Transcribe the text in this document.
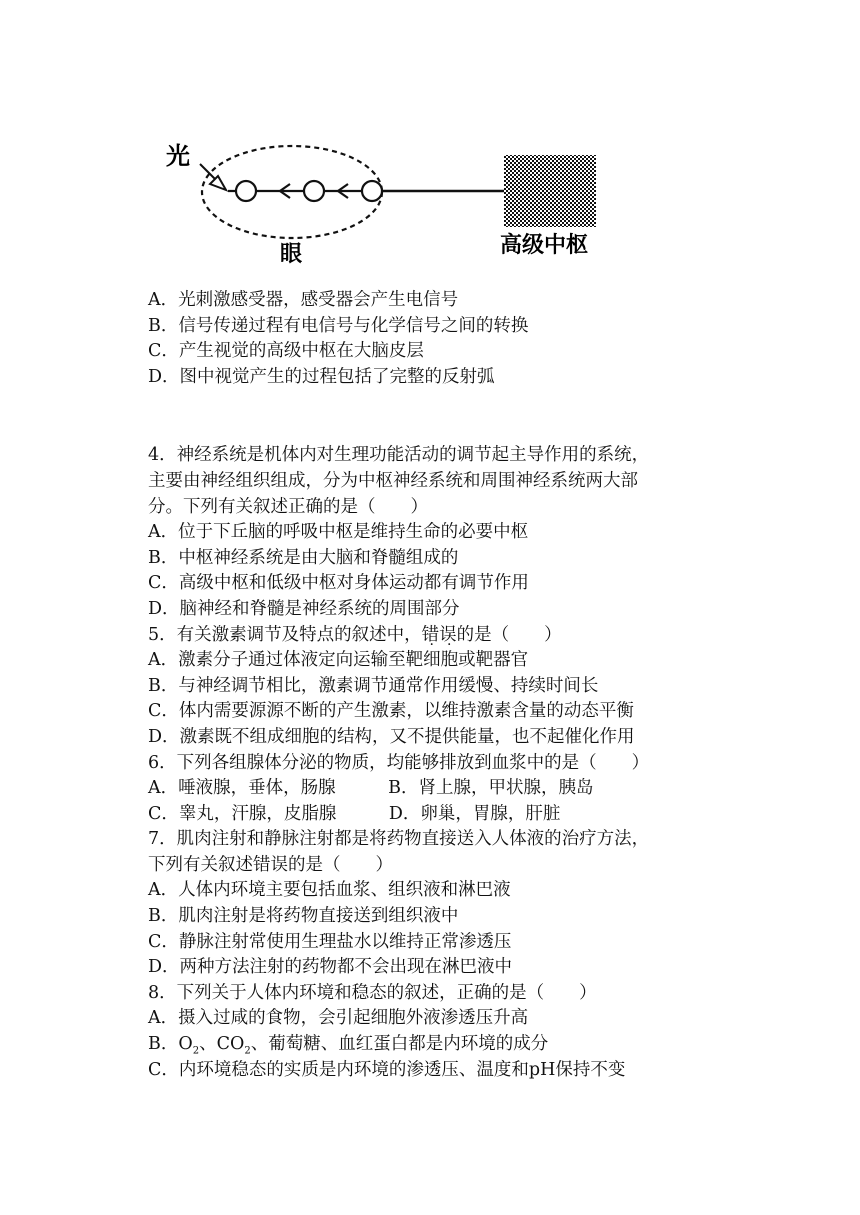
光
眼	高级中枢
A．光刺激感受器，感受器会产生电信号
B．信号传递过程有电信号与化学信号之间的转换
C．产生视觉的高级中枢在大脑皮层
D．图中视觉产生的过程包括了完整的反射弧
4．神经系统是机体内对生理功能活动的调节起主导作用的系统，
主要由神经组织组成，分为中枢神经系统和周围神经系统两大部
分。下列有关叙述正确的是（　　）
A．位于下丘脑的呼吸中枢是维持生命的必要中枢
B．中枢神经系统是由大脑和脊髓组成的
C．高级中枢和低级中枢对身体运动都有调节作用
D．脑神经和脊髓是神经系统的周围部分
5．有关激素调节及特点的叙述中，错误的是（　　）
A．激素分子通过体液定向运输至靶细胞或靶器官
B．与神经调节相比，激素调节通常作用缓慢、持续时间长
C．体内需要源源不断的产生激素，以维持激素含量的动态平衡
D．激素既不组成细胞的结构，又不提供能量，也不起催化作用
6．下列各组腺体分泌的物质，均能够排放到血浆中的是（　　）
A．唾液腺，垂体，肠腺　　　B．肾上腺，甲状腺，胰岛
C．睾丸，汗腺，皮脂腺　　　D．卵巢，胃腺，肝脏
7．肌肉注射和静脉注射都是将药物直接送入人体液的治疗方法，
下列有关叙述错误的是（　　）
A．人体内环境主要包括血浆、组织液和淋巴液
B．肌肉注射是将药物直接送到组织液中
C．静脉注射常使用生理盐水以维持正常渗透压
D．两种方法注射的药物都不会出现在淋巴液中
8．下列关于人体内环境和稳态的叙述，正确的是（　　）
A．摄入过咸的食物，会引起细胞外液渗透压升高
B．$O_2$、$CO_2$、葡萄糖、血红蛋白都是内环境的成分
C．内环境稳态的实质是内环境的渗透压、温度和pH保持不变
